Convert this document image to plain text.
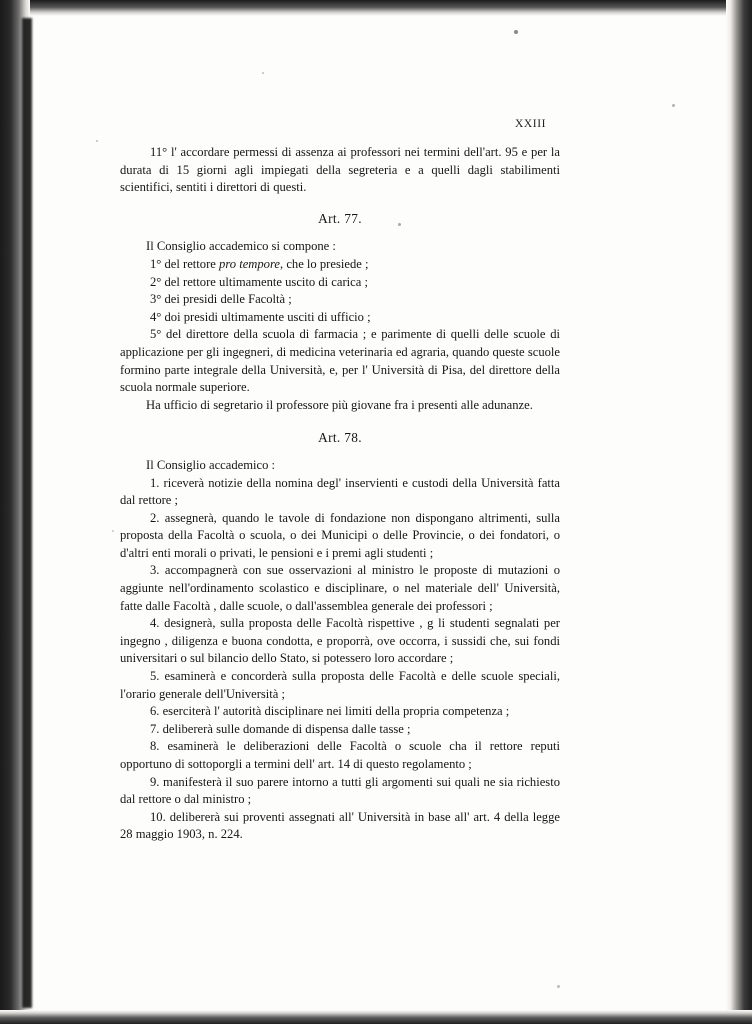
XXIII

11° l' accordare permessi di assenza ai professori nei termini dell'art. 95 e per la durata di 15 giorni agli impiegati della segreteria e a quelli dagli stabilimenti scientifici, sentiti i direttori di questi.

Art. 77.

Il Consiglio accademico si compone :

1° del rettore pro tempore, che lo presiede ;

2° del rettore ultimamente uscito di carica ;

3° dei presidi delle Facoltà ;

4° doi presidi ultimamente usciti di ufficio ;

5° del direttore della scuola di farmacia ; e parimente di quelli delle scuole di applicazione per gli ingegneri, di medicina veterinaria ed agraria, quando queste scuole formino parte integrale della Università, e, per l' Università di Pisa, del direttore della scuola normale superiore.

Ha ufficio di segretario il professore più giovane fra i presenti alle adunanze.

Art. 78.

Il Consiglio accademico :

1. riceverà notizie della nomina degl' inservienti e custodi della Università fatta dal rettore ;

2. assegnerà, quando le tavole di fondazione non dispongano altrimenti, sulla proposta della Facoltà o scuola, o dei Municipi o delle Provincie, o dei fondatori, o d'altri enti morali o privati, le pensioni e i premi agli studenti ;

3. accompagnerà con sue osservazioni al ministro le proposte di mutazioni o aggiunte nell'ordinamento scolastico e disciplinare, o nel materiale dell' Università, fatte dalle Facoltà , dalle scuole, o dall'assemblea generale dei professori ;

4. designerà, sulla proposta delle Facoltà rispettive , g li studenti segnalati per ingegno , diligenza e buona condotta, e proporrà, ove occorra, i sussidi che, sui fondi universitari o sul bilancio dello Stato, si potessero loro accordare ;

5. esaminerà e concorderà sulla proposta delle Facoltà e delle scuole speciali, l'orario generale dell'Università ;

6. eserciterà l' autorità disciplinare nei limiti della propria competenza ;

7. delibererà sulle domande di dispensa dalle tasse ;

8. esaminerà le deliberazioni delle Facoltà o scuole cha il rettore reputi opportuno di sottoporgli a termini dell' art. 14 di questo regolamento ;

9. manifesterà il suo parere intorno a tutti gli argomenti sui quali ne sia richiesto dal rettore o dal ministro ;

10. delibererà sui proventi assegnati all' Università in base all' art. 4 della legge 28 maggio 1903, n. 224.
